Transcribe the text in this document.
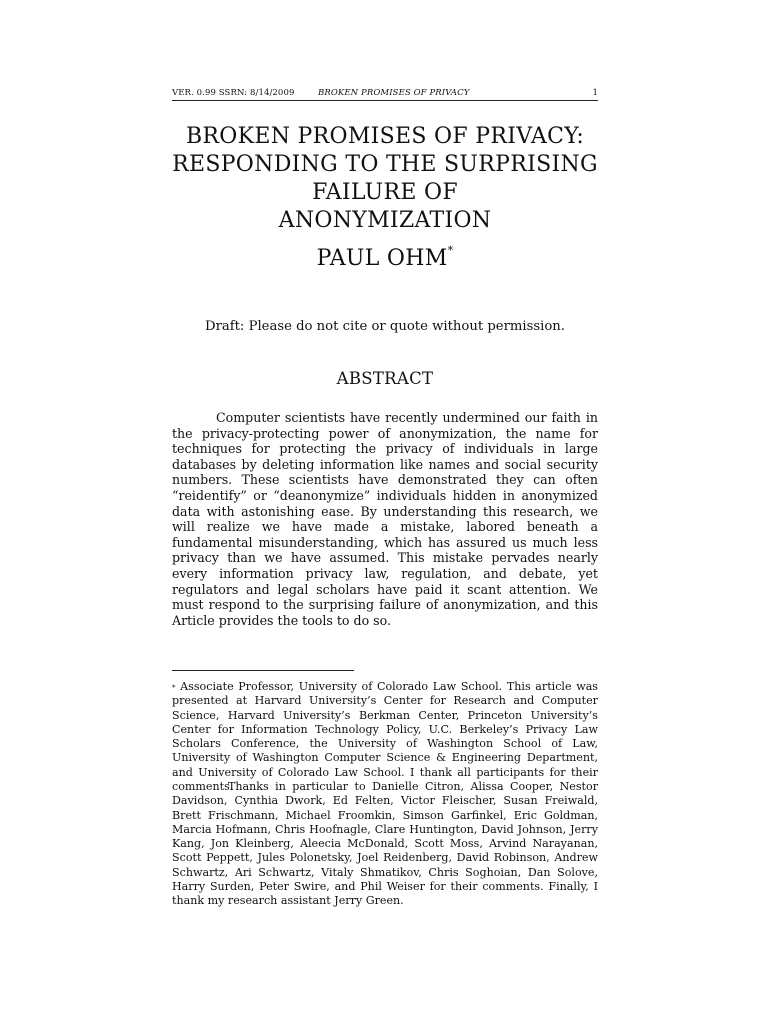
VER. 0.99 SSRN: 8/14/2009	BROKEN PROMISES OF PRIVACY	1
BROKEN PROMISES OF PRIVACY:
RESPONDING TO THE SURPRISING FAILURE OF
ANONYMIZATION
PAUL OHM*
Draft: Please do not cite or quote without permission.
ABSTRACT

Computer scientists have recently undermined our faith in the privacy-protecting power of anonymization, the name for techniques for protecting the privacy of individuals in large databases by deleting information like names and social security numbers. These scientists have demonstrated they can often “reidentify” or “deanonymize” individuals hidden in anonymized data with astonishing ease. By understanding this research, we will realize we have made a mistake, labored beneath a fundamental misunderstanding, which has assured us much less privacy than we have assumed. This mistake pervades nearly every information privacy law, regulation, and debate, yet regulators and legal scholars have paid it scant attention. We must respond to the surprising failure of anonymization, and this Article provides the tools to do so.

* Associate Professor, University of Colorado Law School. This article was presented at Harvard University’s Center for Research and Computer Science, Harvard University’s Berkman Center, Princeton University’s Center for Information Technology Policy, U.C. Berkeley’s Privacy Law Scholars Conference, the University of Washington School of Law, University of Washington Computer Science & Engineering Department, and University of Colorado Law School. I thank all participants for their comments.

Thanks in particular to Danielle Citron, Alissa Cooper, Nestor Davidson, Cynthia Dwork, Ed Felten, Victor Fleischer, Susan Freiwald, Brett Frischmann, Michael Froomkin, Simson Garfinkel, Eric Goldman, Marcia Hofmann, Chris Hoofnagle, Clare Huntington, David Johnson, Jerry Kang, Jon Kleinberg, Aleecia McDonald, Scott Moss, Arvind Narayanan, Scott Peppett, Jules Polonetsky, Joel Reidenberg, David Robinson, Andrew Schwartz, Ari Schwartz, Vitaly Shmatikov, Chris Soghoian, Dan Solove, Harry Surden, Peter Swire, and Phil Weiser for their comments. Finally, I thank my research assistant Jerry Green.
